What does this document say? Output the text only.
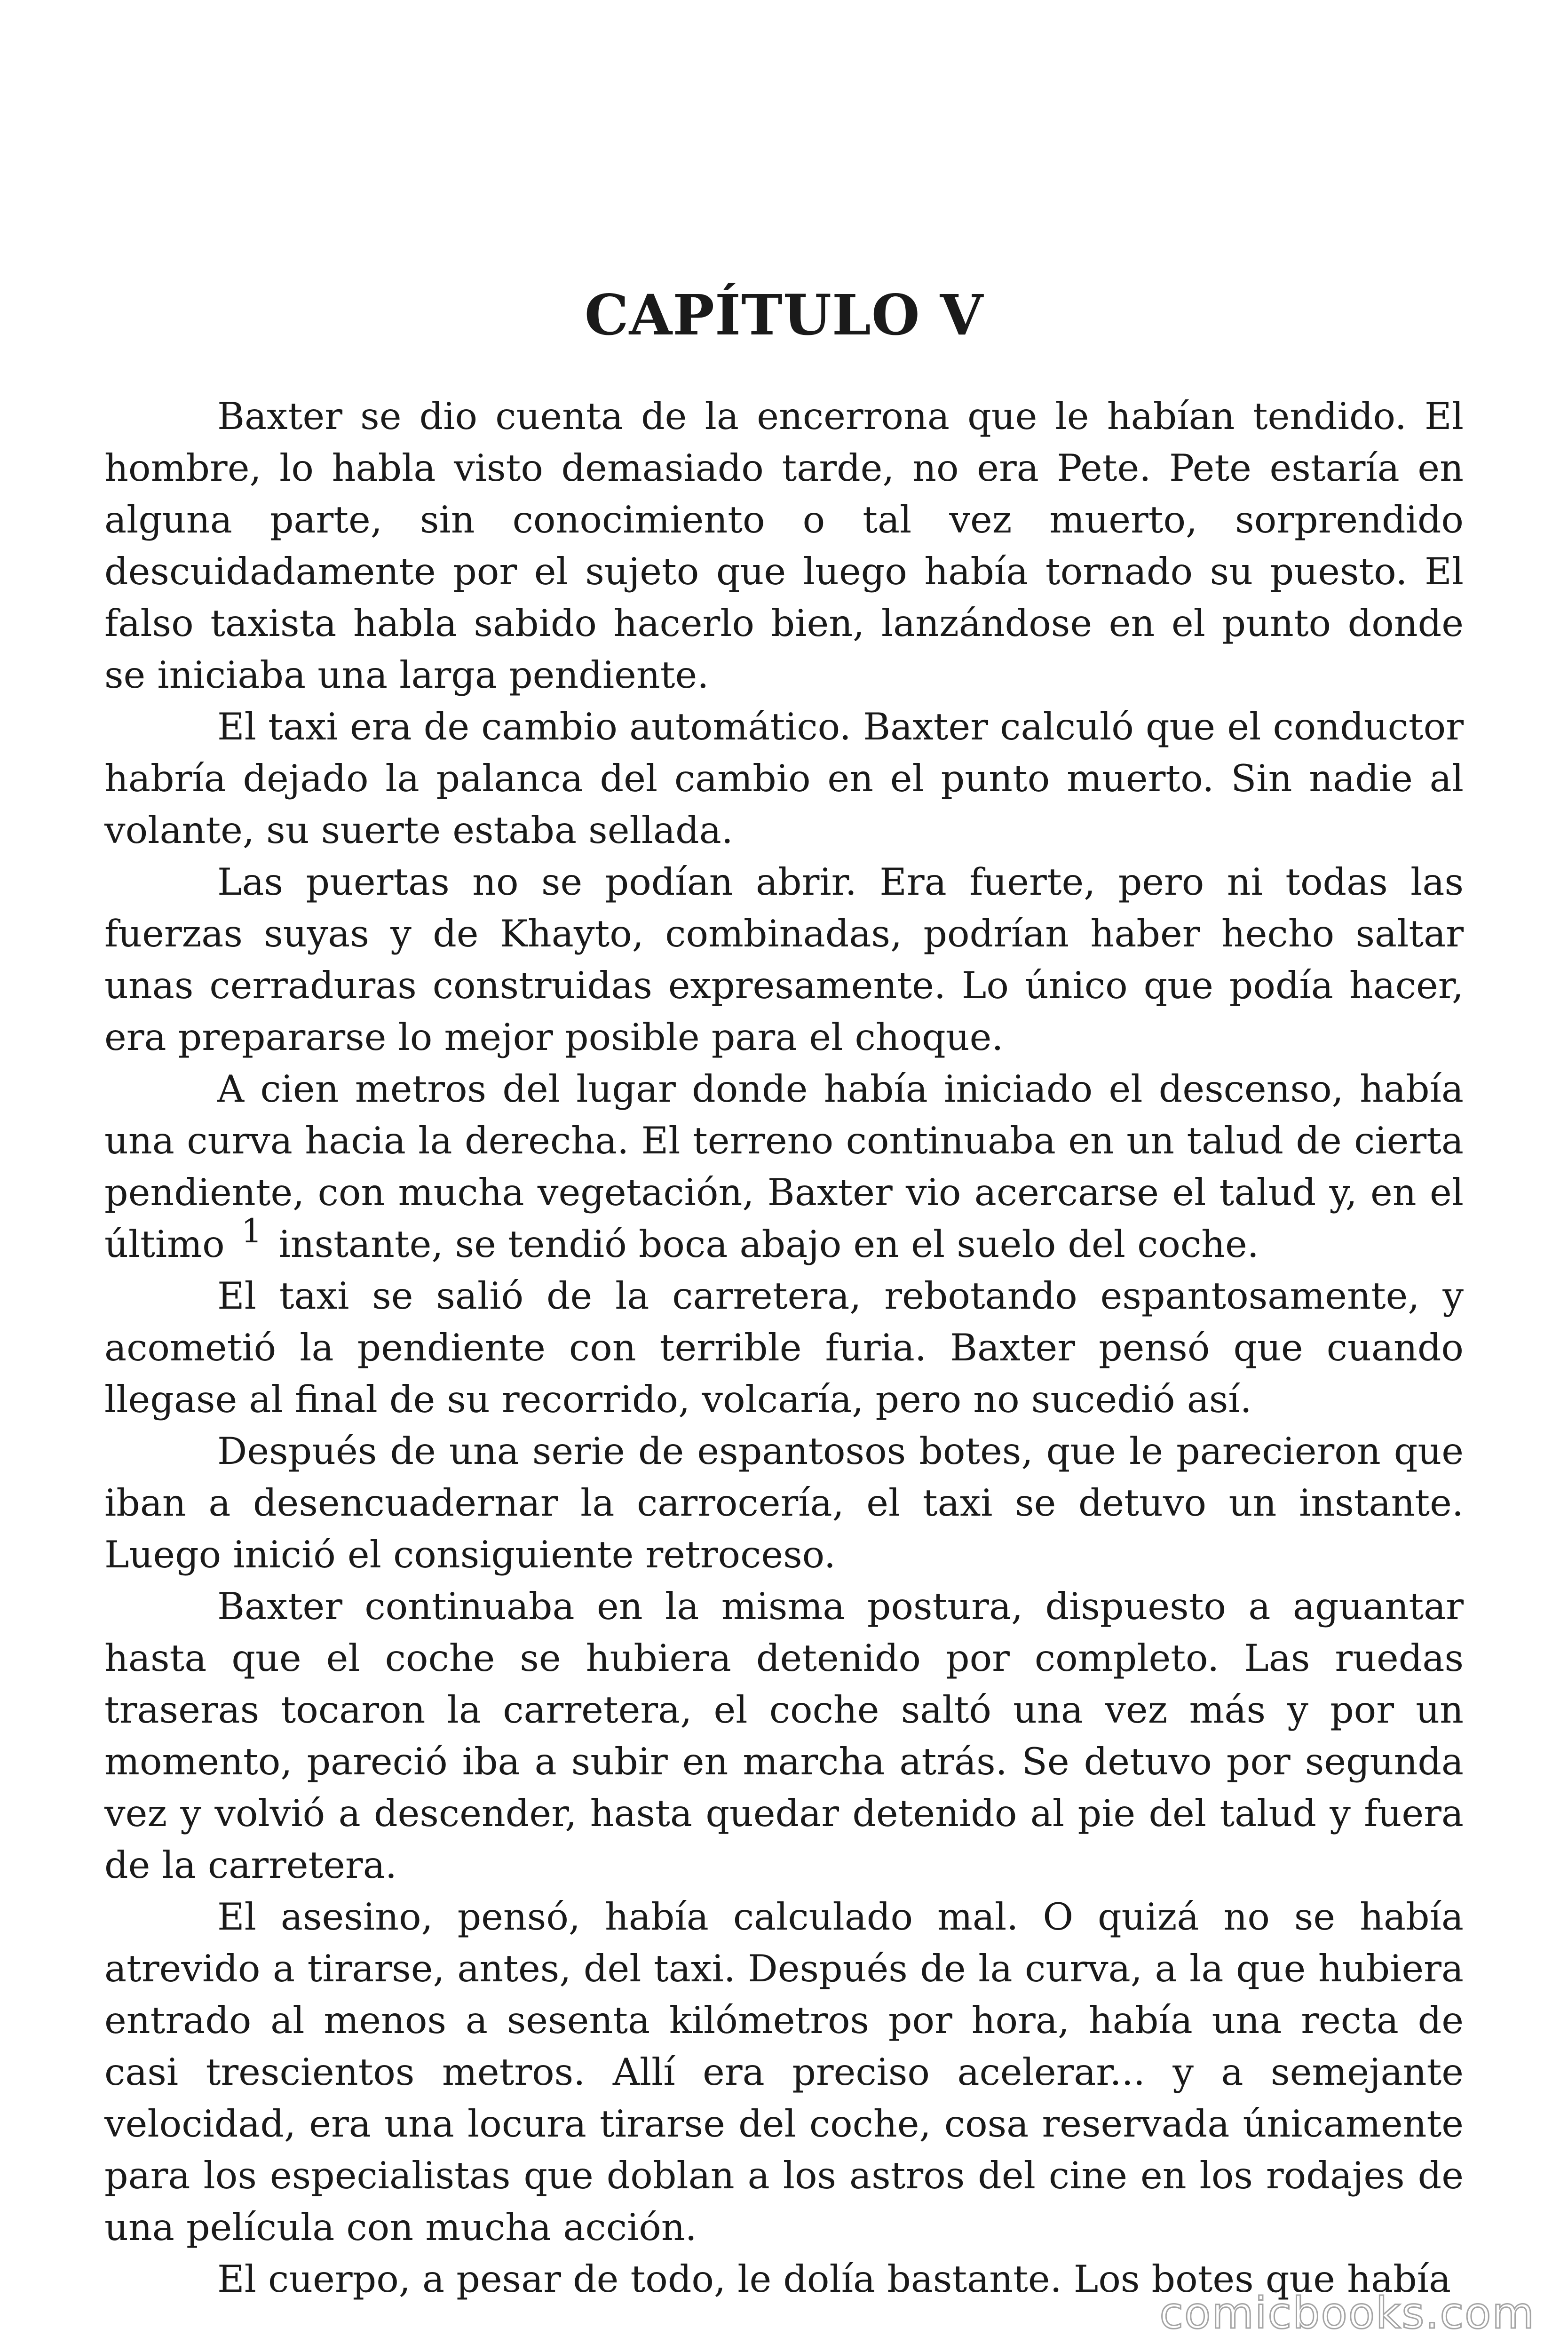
CAPÍTULO V

Baxter se dio cuenta de la encerrona que le habían tendido. El hombre, lo habla visto demasiado tarde, no era Pete. Pete estaría en alguna parte, sin conocimiento o tal vez muerto, sorprendido descuidadamente por el sujeto que luego había tornado su puesto. El falso taxista habla sabido hacerlo bien, lanzándose en el punto donde se iniciaba una larga pendiente.

El taxi era de cambio automático. Baxter calculó que el conductor habría dejado la palanca del cambio en el punto muerto. Sin nadie al volante, su suerte estaba sellada.

Las puertas no se podían abrir. Era fuerte, pero ni todas las fuerzas suyas y de Khayto, combinadas, podrían haber hecho saltar unas cerraduras construidas expresamente. Lo único que podía hacer, era prepararse lo mejor posible para el choque.

A cien metros del lugar donde había iniciado el descenso, había una curva hacia la derecha. El terreno continuaba en un talud de cierta pendiente, con mucha vegetación, Baxter vio acercarse el talud y, en el último 1 instante, se tendió boca abajo en el suelo del coche.

El taxi se salió de la carretera, rebotando espantosamente, y acometió la pendiente con terrible furia. Baxter pensó que cuando llegase al final de su recorrido, volcaría, pero no sucedió así.

Después de una serie de espantosos botes, que le parecieron que iban a desencuadernar la carrocería, el taxi se detuvo un instante. Luego inició el consiguiente retroceso.

Baxter continuaba en la misma postura, dispuesto a aguantar hasta que el coche se hubiera detenido por completo. Las ruedas traseras tocaron la carretera, el coche saltó una vez más y por un momento, pareció iba a subir en marcha atrás. Se detuvo por segunda vez y volvió a descender, hasta quedar detenido al pie del talud y fuera de la carretera.

El asesino, pensó, había calculado mal. O quizá no se había atrevido a tirarse, antes, del taxi. Después de la curva, a la que hubiera entrado al menos a sesenta kilómetros por hora, había una recta de casi trescientos metros. Allí era preciso acelerar... y a semejante velocidad, era una locura tirarse del coche, cosa reservada únicamente para los especialistas que doblan a los astros del cine en los rodajes de una película con mucha acción.

El cuerpo, a pesar de todo, le dolía bastante. Los botes que había

comicbooks.com
